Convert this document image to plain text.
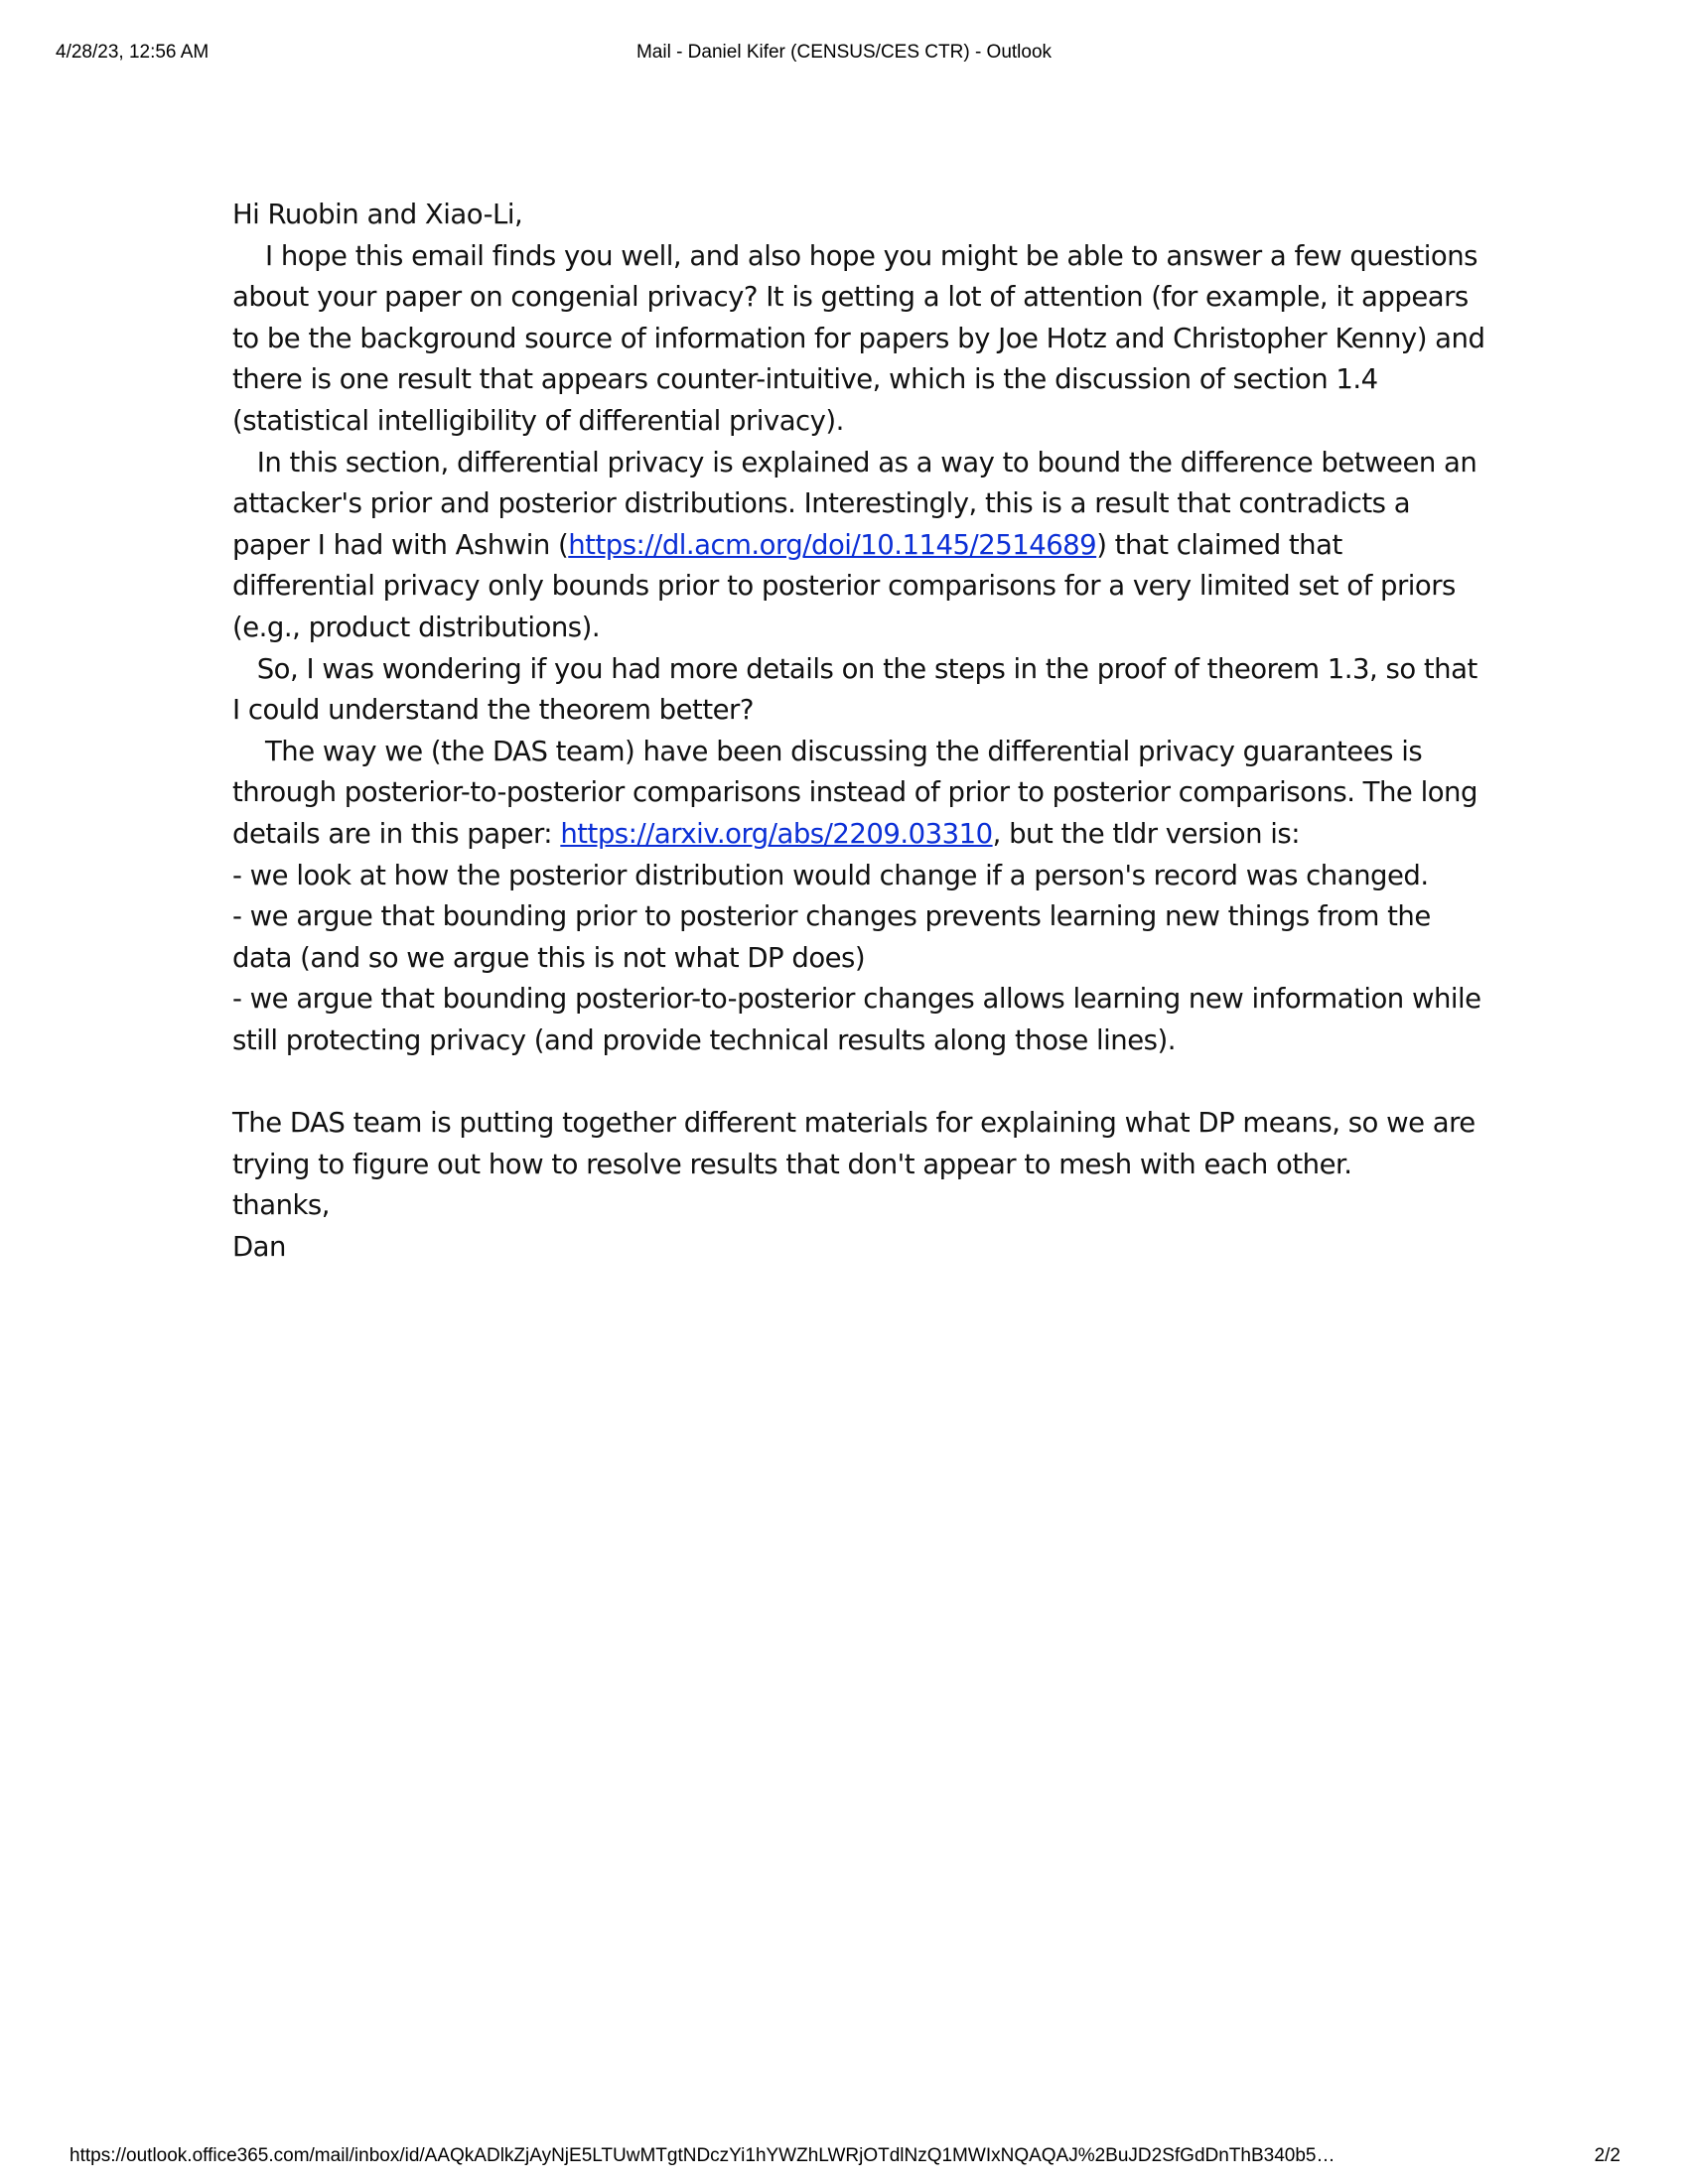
4/28/23, 12:56 AM	Mail - Daniel Kifer (CENSUS/CES CTR) - Outlook

Hi Ruobin and Xiao-Li,

I hope this email finds you well, and also hope you might be able to answer a few questions about your paper on congenial privacy? It is getting a lot of attention (for example, it appears to be the background source of information for papers by Joe Hotz and Christopher Kenny) and there is one result that appears counter-intuitive, which is the discussion of section 1.4 (statistical intelligibility of differential privacy).

In this section, differential privacy is explained as a way to bound the difference between an attacker's prior and posterior distributions. Interestingly, this is a result that contradicts a paper I had with Ashwin (https://dl.acm.org/doi/10.1145/2514689) that claimed that differential privacy only bounds prior to posterior comparisons for a very limited set of priors (e.g., product distributions).

So, I was wondering if you had more details on the steps in the proof of theorem 1.3, so that I could understand the theorem better?

The way we (the DAS team) have been discussing the differential privacy guarantees is through posterior-to-posterior comparisons instead of prior to posterior comparisons. The long details are in this paper: https://arxiv.org/abs/2209.03310, but the tldr version is:

- we look at how the posterior distribution would change if a person's record was changed.

- we argue that bounding prior to posterior changes prevents learning new things from the data (and so we argue this is not what DP does)

- we argue that bounding posterior-to-posterior changes allows learning new information while still protecting privacy (and provide technical results along those lines).

The DAS team is putting together different materials for explaining what DP means, so we are trying to figure out how to resolve results that don't appear to mesh with each other.

thanks,

Dan

https://outlook.office365.com/mail/inbox/id/AAQkADlkZjAyNjE5LTUwMTgtNDczYi1hYWZhLWRjOTdlNzQ1MWIxNQAQAJ%2BuJD2SfGdDnThB340b5…	2/2
